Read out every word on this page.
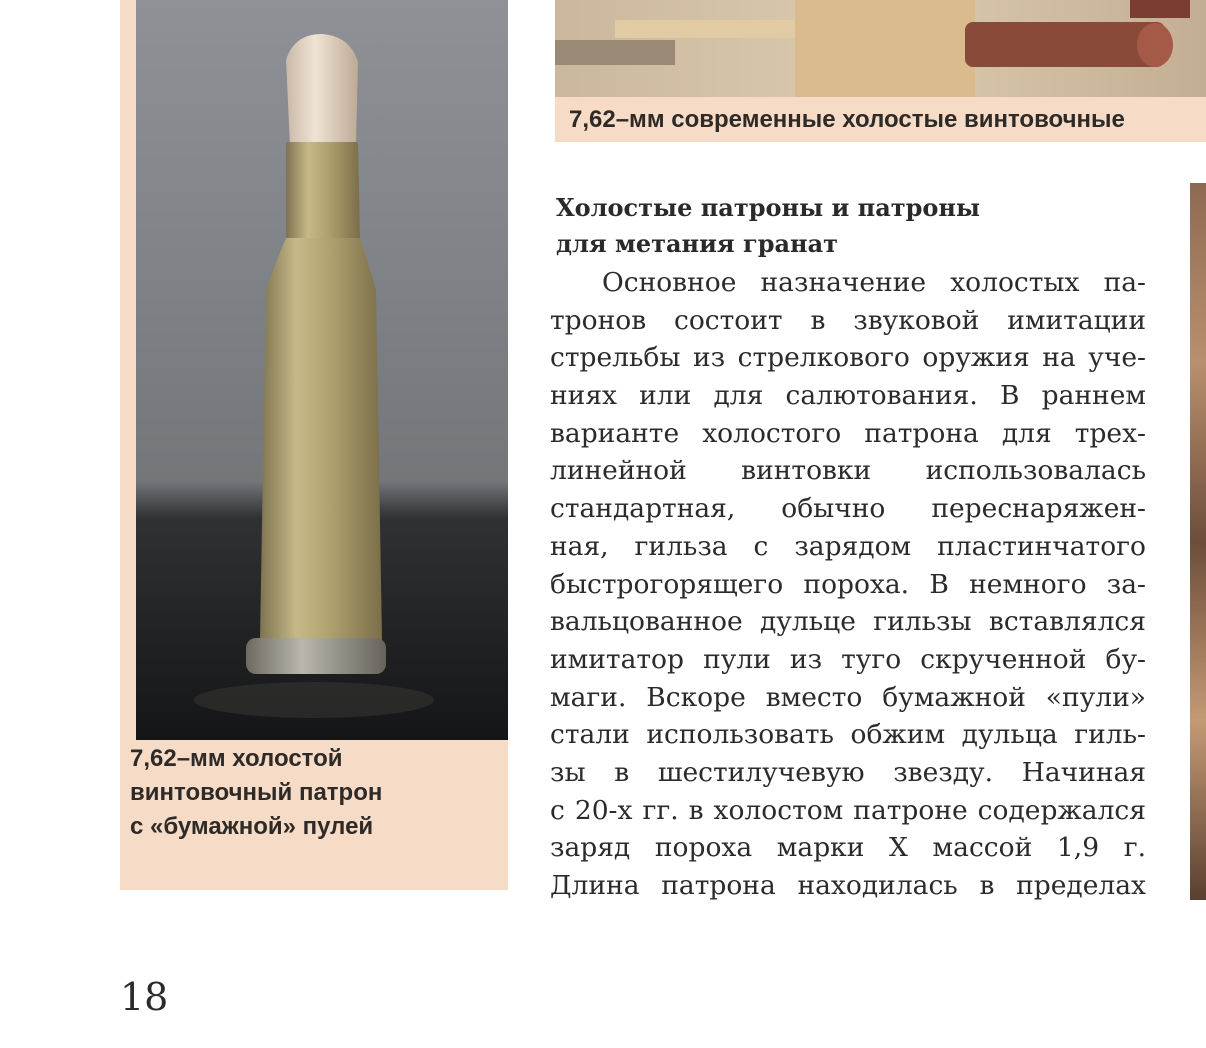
7,62–мм холостой
винтовочный патрон
с «бумажной» пулей
7,62–мм современные холостые винтовочные
Холостые патроны и патроны
для метания гранат
Основное назначение холостых па-
тронов состоит в звуковой имитации
стрельбы из стрелкового оружия на уче-
ниях или для салютования. В раннем
варианте холостого патрона для трех-
линейной винтовки использовалась
стандартная, обычно переснаряжен-
ная, гильза с зарядом пластинчатого
быстрогорящего пороха. В немного за-
вальцованное дульце гильзы вставлялся
имитатор пули из туго скрученной бу-
маги. Вскоре вместо бумажной «пули»
стали использовать обжим дульца гиль-
зы в шестилучевую звезду. Начиная
с 20-х гг. в холостом патроне содержался
заряд пороха марки Х массой 1,9 г.
Длина патрона находилась в пределах
18
